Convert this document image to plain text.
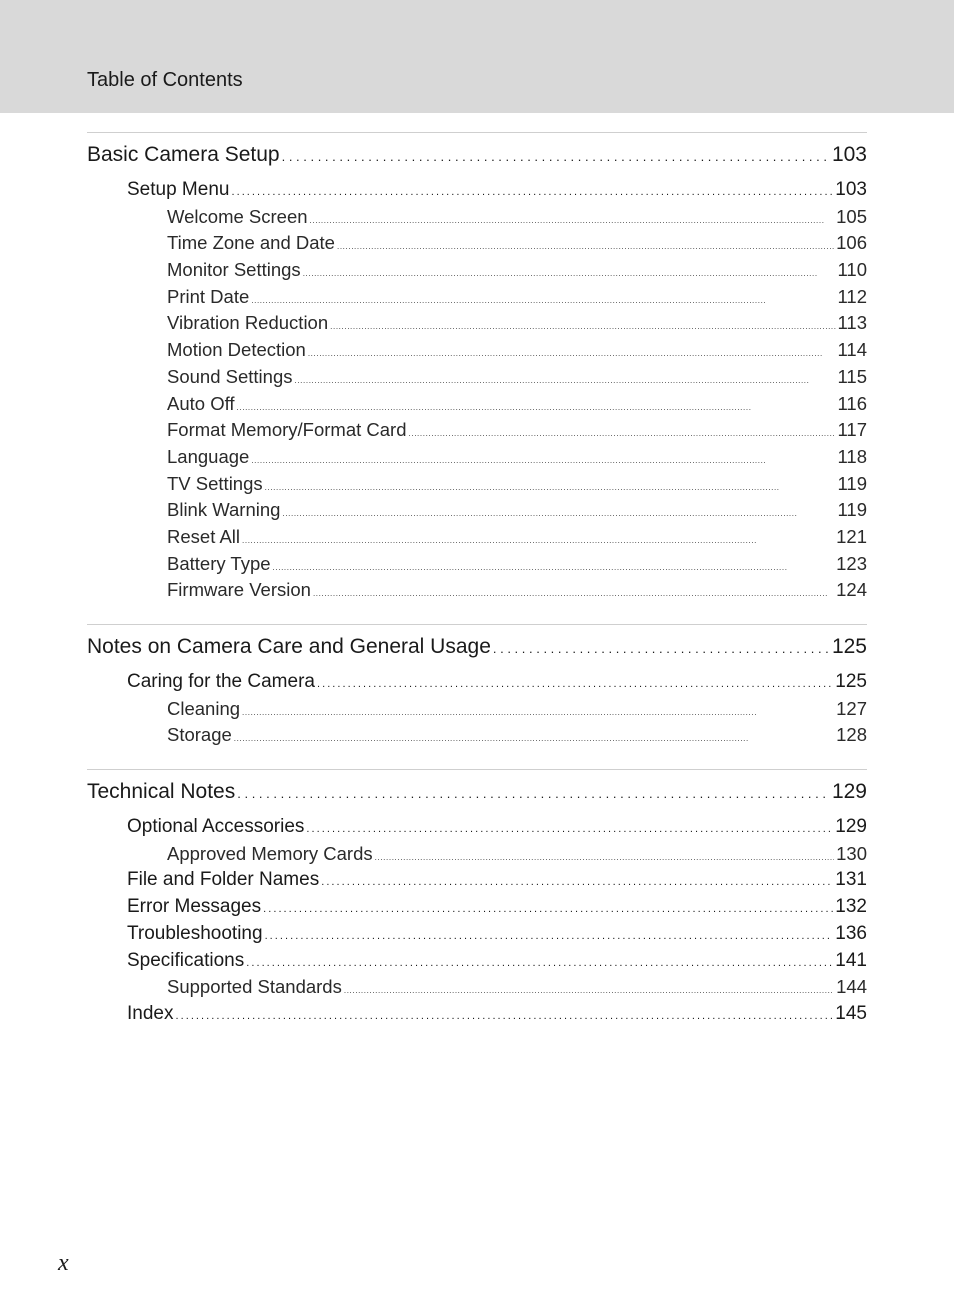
Table of Contents
Basic Camera Setup . . .	103
Setup Menu . . .	103
Welcome Screen . . .	105
Time Zone and Date . . .	106
Monitor Settings . . .	110
Print Date . . .	112
Vibration Reduction . . .	113
Motion Detection . . .	114
Sound Settings . . .	115
Auto Off . . .	116
Format Memory/Format Card . . .	117
Language . . .	118
TV Settings . . .	119
Blink Warning . . .	119
Reset All . . .	121
Battery Type . . .	123
Firmware Version . . .	124
Notes on Camera Care and General Usage . . .	125
Caring for the Camera . . .	125
Cleaning . . .	127
Storage . . .	128
Technical Notes . . .	129
Optional Accessories . . .	129
Approved Memory Cards . . .	130
File and Folder Names . . .	131
Error Messages . . .	132
Troubleshooting . . .	136
Specifications . . .	141
Supported Standards . . .	144
Index . . .	145
x
